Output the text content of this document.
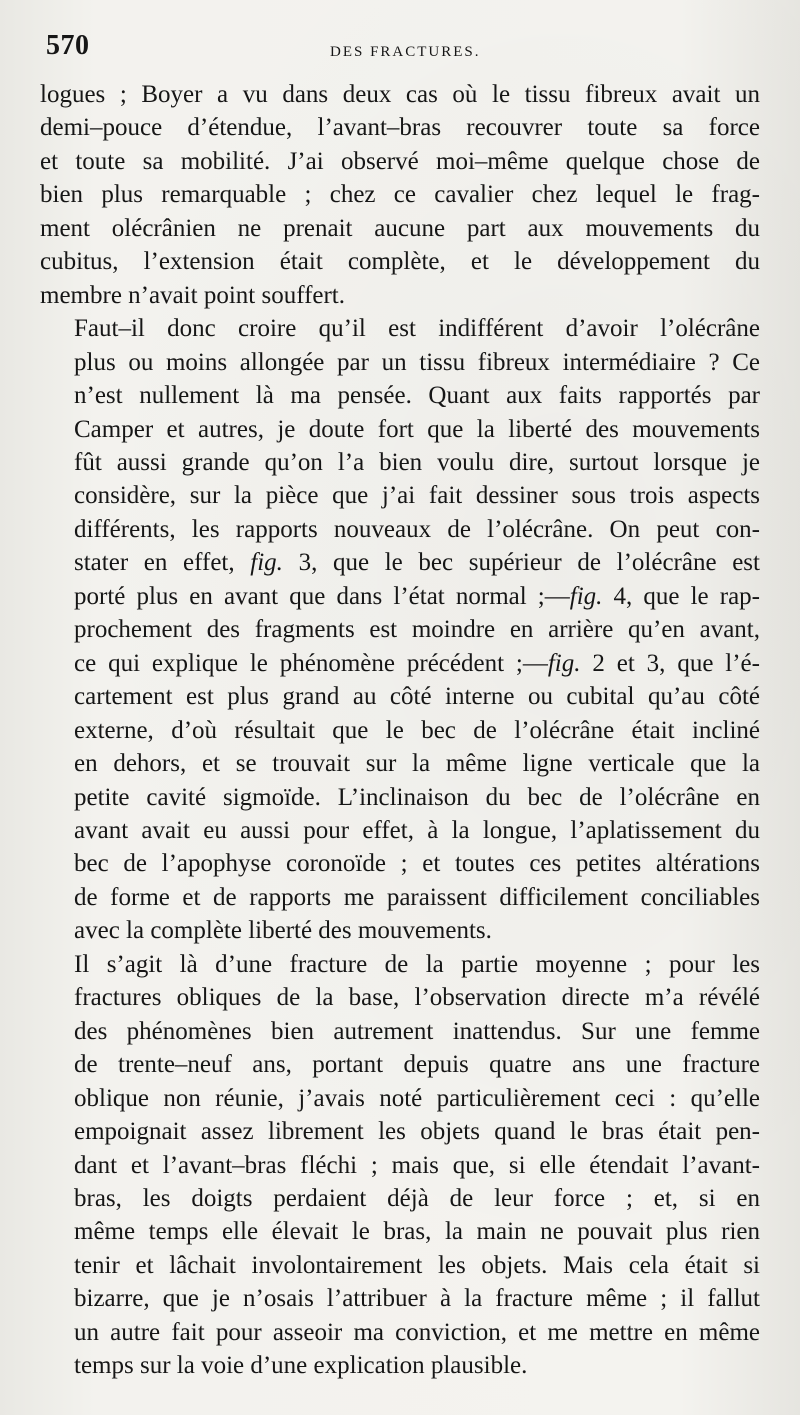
570	DES FRACTURES.

logues ; Boyer a vu dans deux cas où le tissu fibreux avait un
demi–pouce d’étendue, l’avant–bras recouvrer toute sa force
et toute sa mobilité. J’ai observé moi–même quelque chose de
bien plus remarquable ; chez ce cavalier chez lequel le frag-
ment olécrânien ne prenait aucune part aux mouvements du
cubitus, l’extension était complète, et le développement du
membre n’avait point souffert.

Faut–il donc croire qu’il est indifférent d’avoir l’olécrâne
plus ou moins allongée par un tissu fibreux intermédiaire ? Ce
n’est nullement là ma pensée. Quant aux faits rapportés par
Camper et autres, je doute fort que la liberté des mouvements
fût aussi grande qu’on l’a bien voulu dire, surtout lorsque je
considère, sur la pièce que j’ai fait dessiner sous trois aspects
différents, les rapports nouveaux de l’olécrâne. On peut con-
stater en effet, fig. 3, que le bec supérieur de l’olécrâne est
porté plus en avant que dans l’état normal ;—fig. 4, que le rap-
prochement des fragments est moindre en arrière qu’en avant,
ce qui explique le phénomène précédent ;—fig. 2 et 3, que l’é-
cartement est plus grand au côté interne ou cubital qu’au côté
externe, d’où résultait que le bec de l’olécrâne était incliné
en dehors, et se trouvait sur la même ligne verticale que la
petite cavité sigmoïde. L’inclinaison du bec de l’olécrâne en
avant avait eu aussi pour effet, à la longue, l’aplatissement du
bec de l’apophyse coronoïde ; et toutes ces petites altérations
de forme et de rapports me paraissent difficilement conciliables
avec la complète liberté des mouvements.

Il s’agit là d’une fracture de la partie moyenne ; pour les
fractures obliques de la base, l’observation directe m’a révélé
des phénomènes bien autrement inattendus. Sur une femme
de trente–neuf ans, portant depuis quatre ans une fracture
oblique non réunie, j’avais noté particulièrement ceci : qu’elle
empoignait assez librement les objets quand le bras était pen-
dant et l’avant–bras fléchi ; mais que, si elle étendait l’avant-
bras, les doigts perdaient déjà de leur force ; et, si en
même temps elle élevait le bras, la main ne pouvait plus rien
tenir et lâchait involontairement les objets. Mais cela était si
bizarre, que je n’osais l’attribuer à la fracture même ; il fallut
un autre fait pour asseoir ma conviction, et me mettre en même
temps sur la voie d’une explication plausible.
